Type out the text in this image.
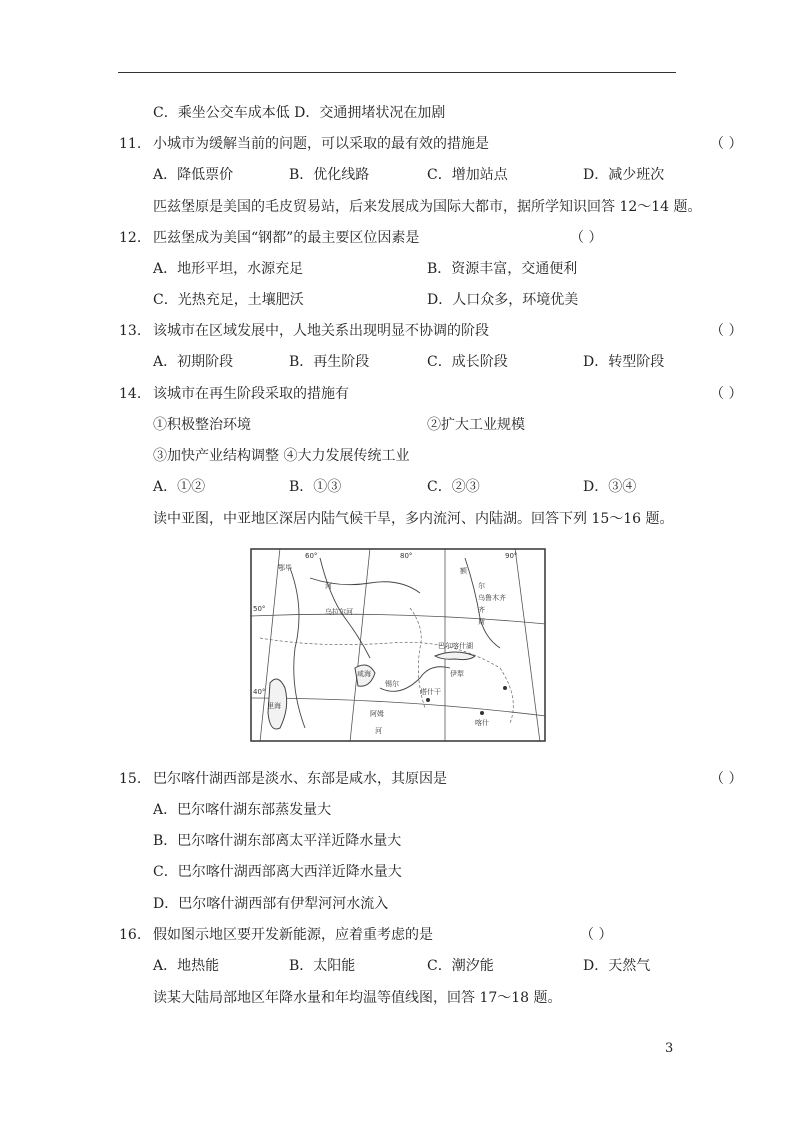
C．乘坐公交车成本低 D．交通拥堵状况在加剧
11. 小城市为缓解当前的问题，可以采取的最有效的措施是	（ ）
A．降低票价	B．优化线路	C．增加站点	D．减少班次
匹兹堡原是美国的毛皮贸易站，后来发展成为国际大都市，据所学知识回答 12～14 题。
12. 匹兹堡成为美国“钢都”的最主要区位因素是	（ ）
A．地形平坦，水源充足	B．资源丰富，交通便利
C．光热充足，土壤肥沃	D．人口众多，环境优美
13. 该城市在区域发展中，人地关系出现明显不协调的阶段	（ ）
A．初期阶段	B．再生阶段	C．成长阶段	D．转型阶段
14. 该城市在再生阶段采取的措施有	（ ）
①积极整治环境	②扩大工业规模
③加快产业结构调整 ④大力发展传统工业
A．①②	B．①③	C．②③	D．③④
读中亚图，中亚地区深居内陆气候干旱，多内流河、内陆湖。回答下列 15～16 题。
60°	80°	90°
50°
40°
鄂毕
河
乌拉尔河
额
尔
乌鲁木齐
齐
斯
巴尔喀什湖
咸海
锡尔
塔什干
喀什
伊犁
里海
阿姆
河
15. 巴尔喀什湖西部是淡水、东部是咸水，其原因是	（ ）
A．巴尔喀什湖东部蒸发量大
B．巴尔喀什湖东部离太平洋近降水量大
C．巴尔喀什湖西部离大西洋近降水量大
D．巴尔喀什湖西部有伊犁河河水流入
16. 假如图示地区要开发新能源，应着重考虑的是	（ ）
A．地热能	B．太阳能	C．潮汐能	D．天然气
读某大陆局部地区年降水量和年均温等值线图，回答 17～18 题。
3
